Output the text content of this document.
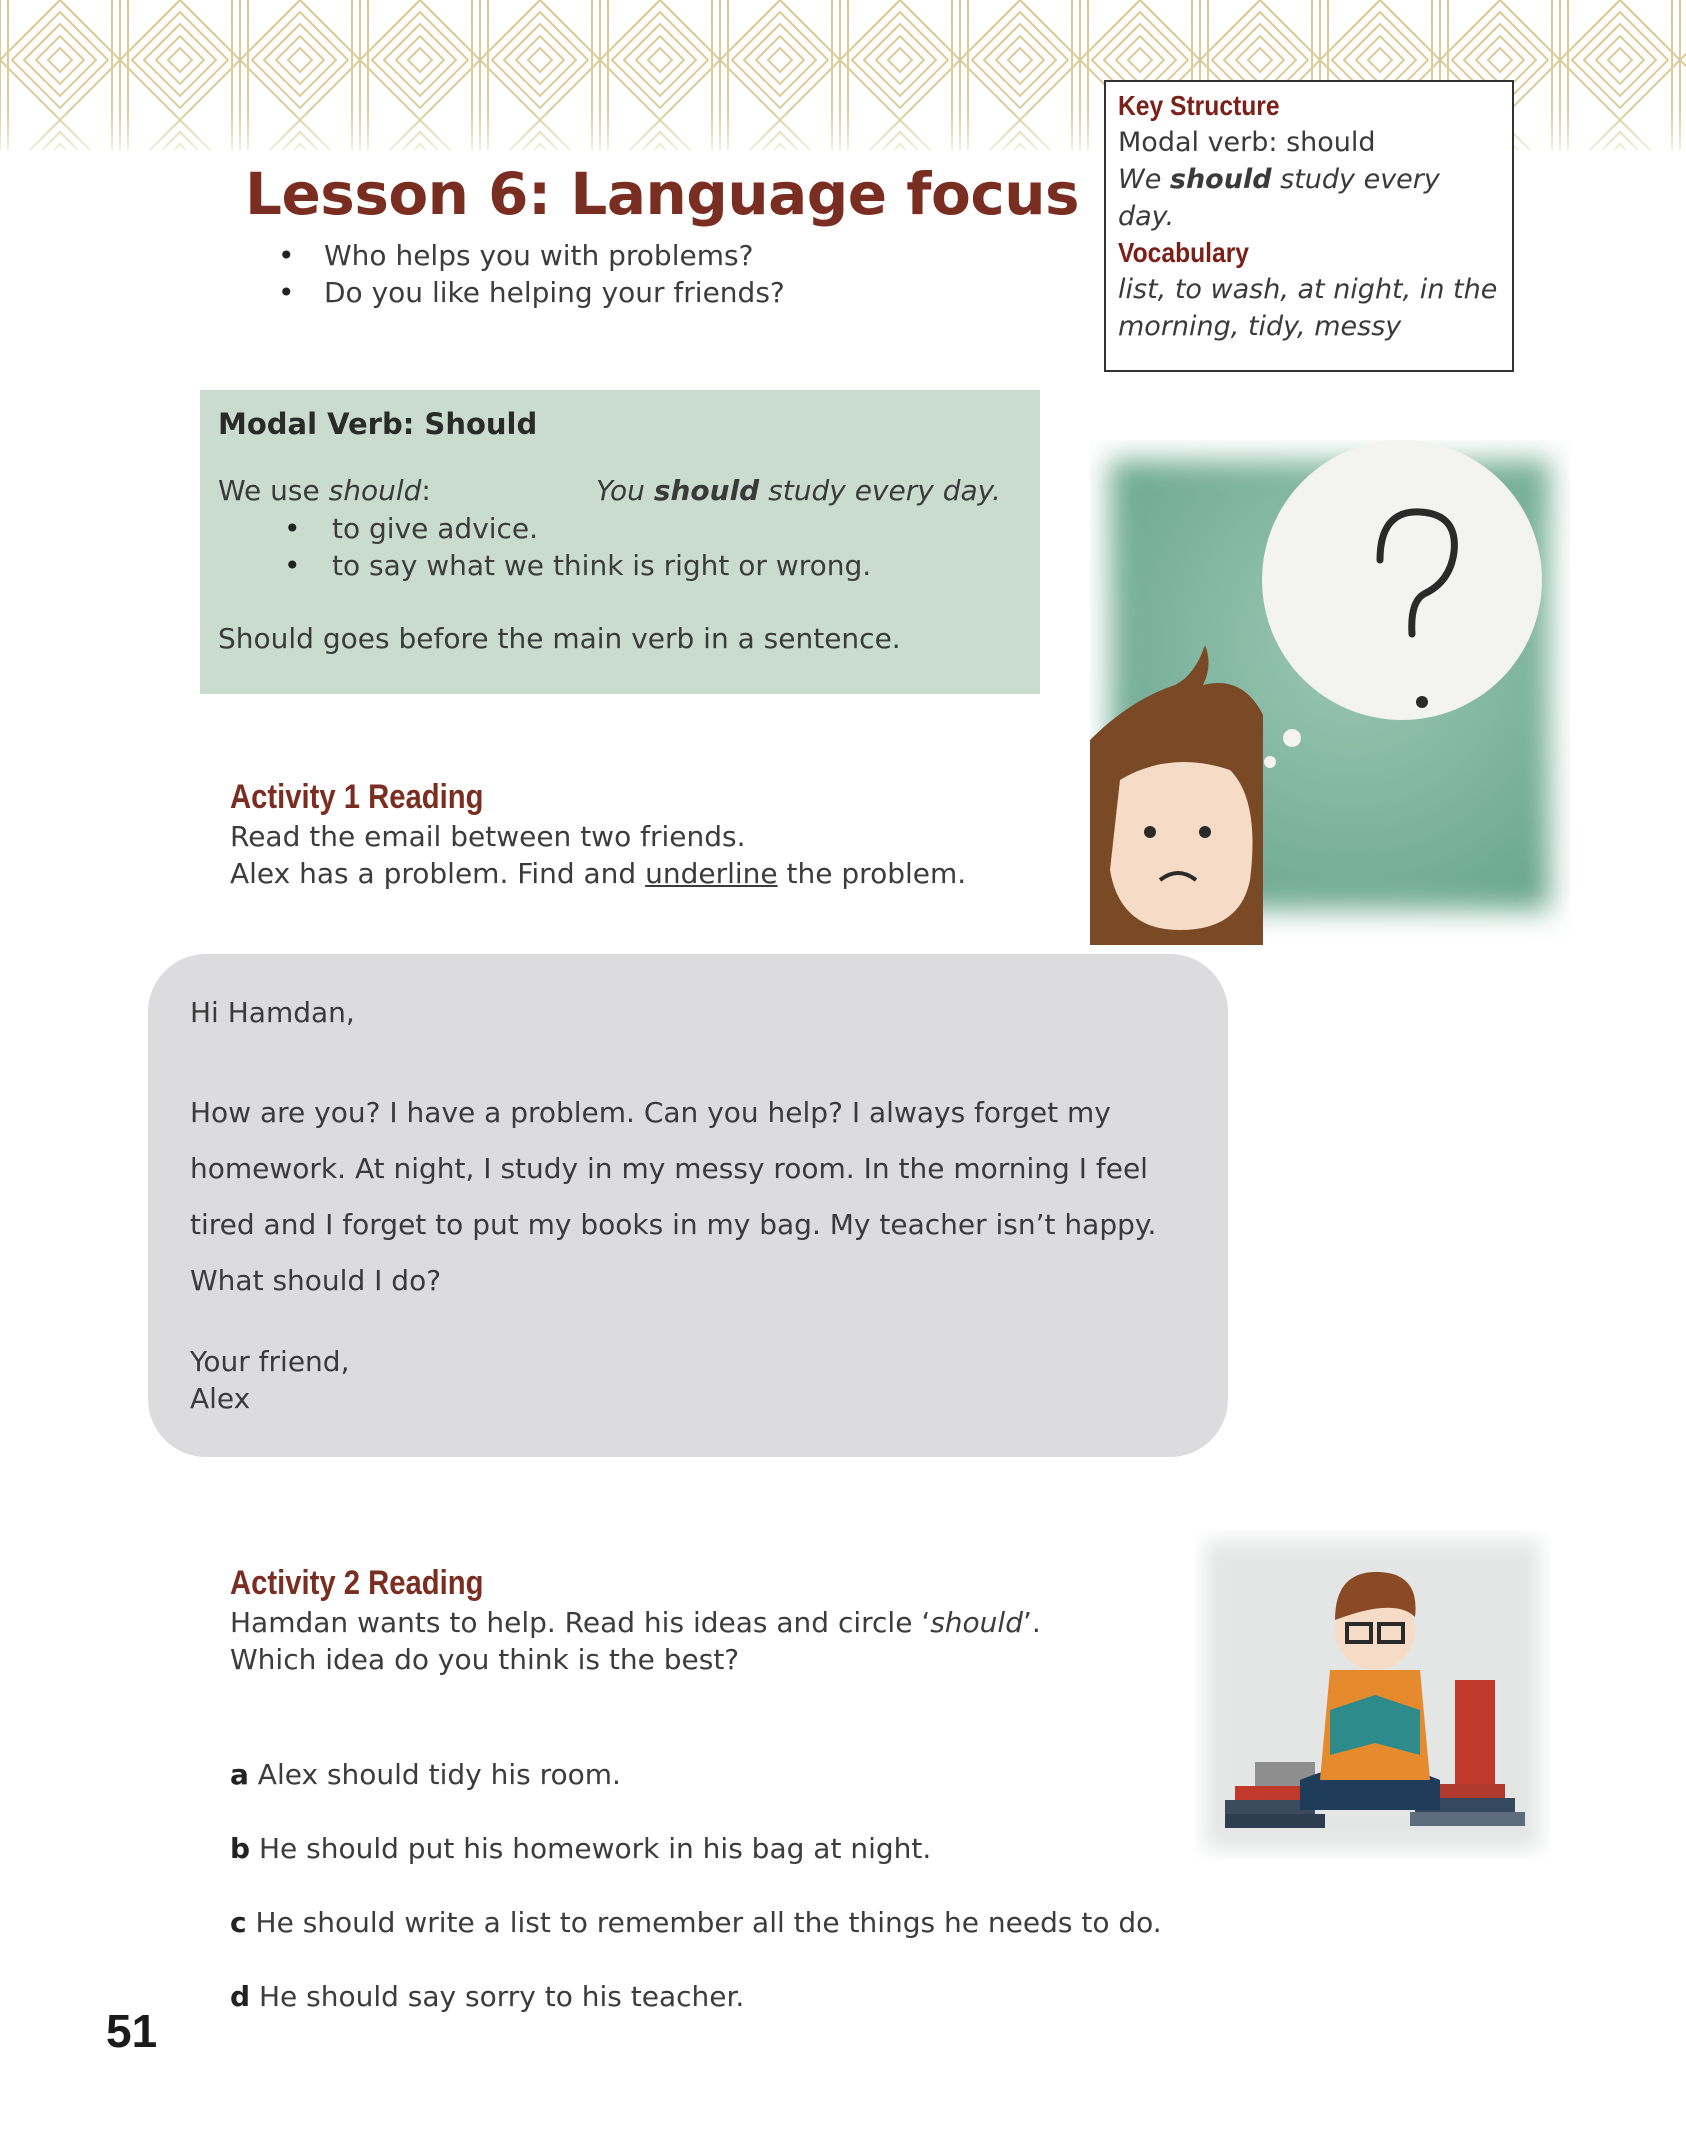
Lesson 6: Language focus
• Who helps you with problems?
• Do you like helping your friends?
Key Structure
Modal verb: should
We should study every
day.
Vocabulary
list, to wash, at night, in the
morning, tidy, messy

Modal Verb: Should

We use should:	You should study every day.
• to give advice.
• to say what we think is right or wrong.
Should goes before the main verb in a sentence.
Activity 1 Reading
Read the email between two friends.
Alex has a problem. Find and underline the problem.

Hi Hamdan,

How are you? I have a problem. Can you help? I always forget my

homework. At night, I study in my messy room. In the morning I feel

tired and I forget to put my books in my bag. My teacher isn’t happy.

What should I do?

Your friend,

Alex

Activity 2 Reading
Hamdan wants to help. Read his ideas and circle ‘should’.
Which idea do you think is the best?
a Alex should tidy his room.
b He should put his homework in his bag at night.
c He should write a list to remember all the things he needs to do.
d He should say sorry to his teacher.
51
